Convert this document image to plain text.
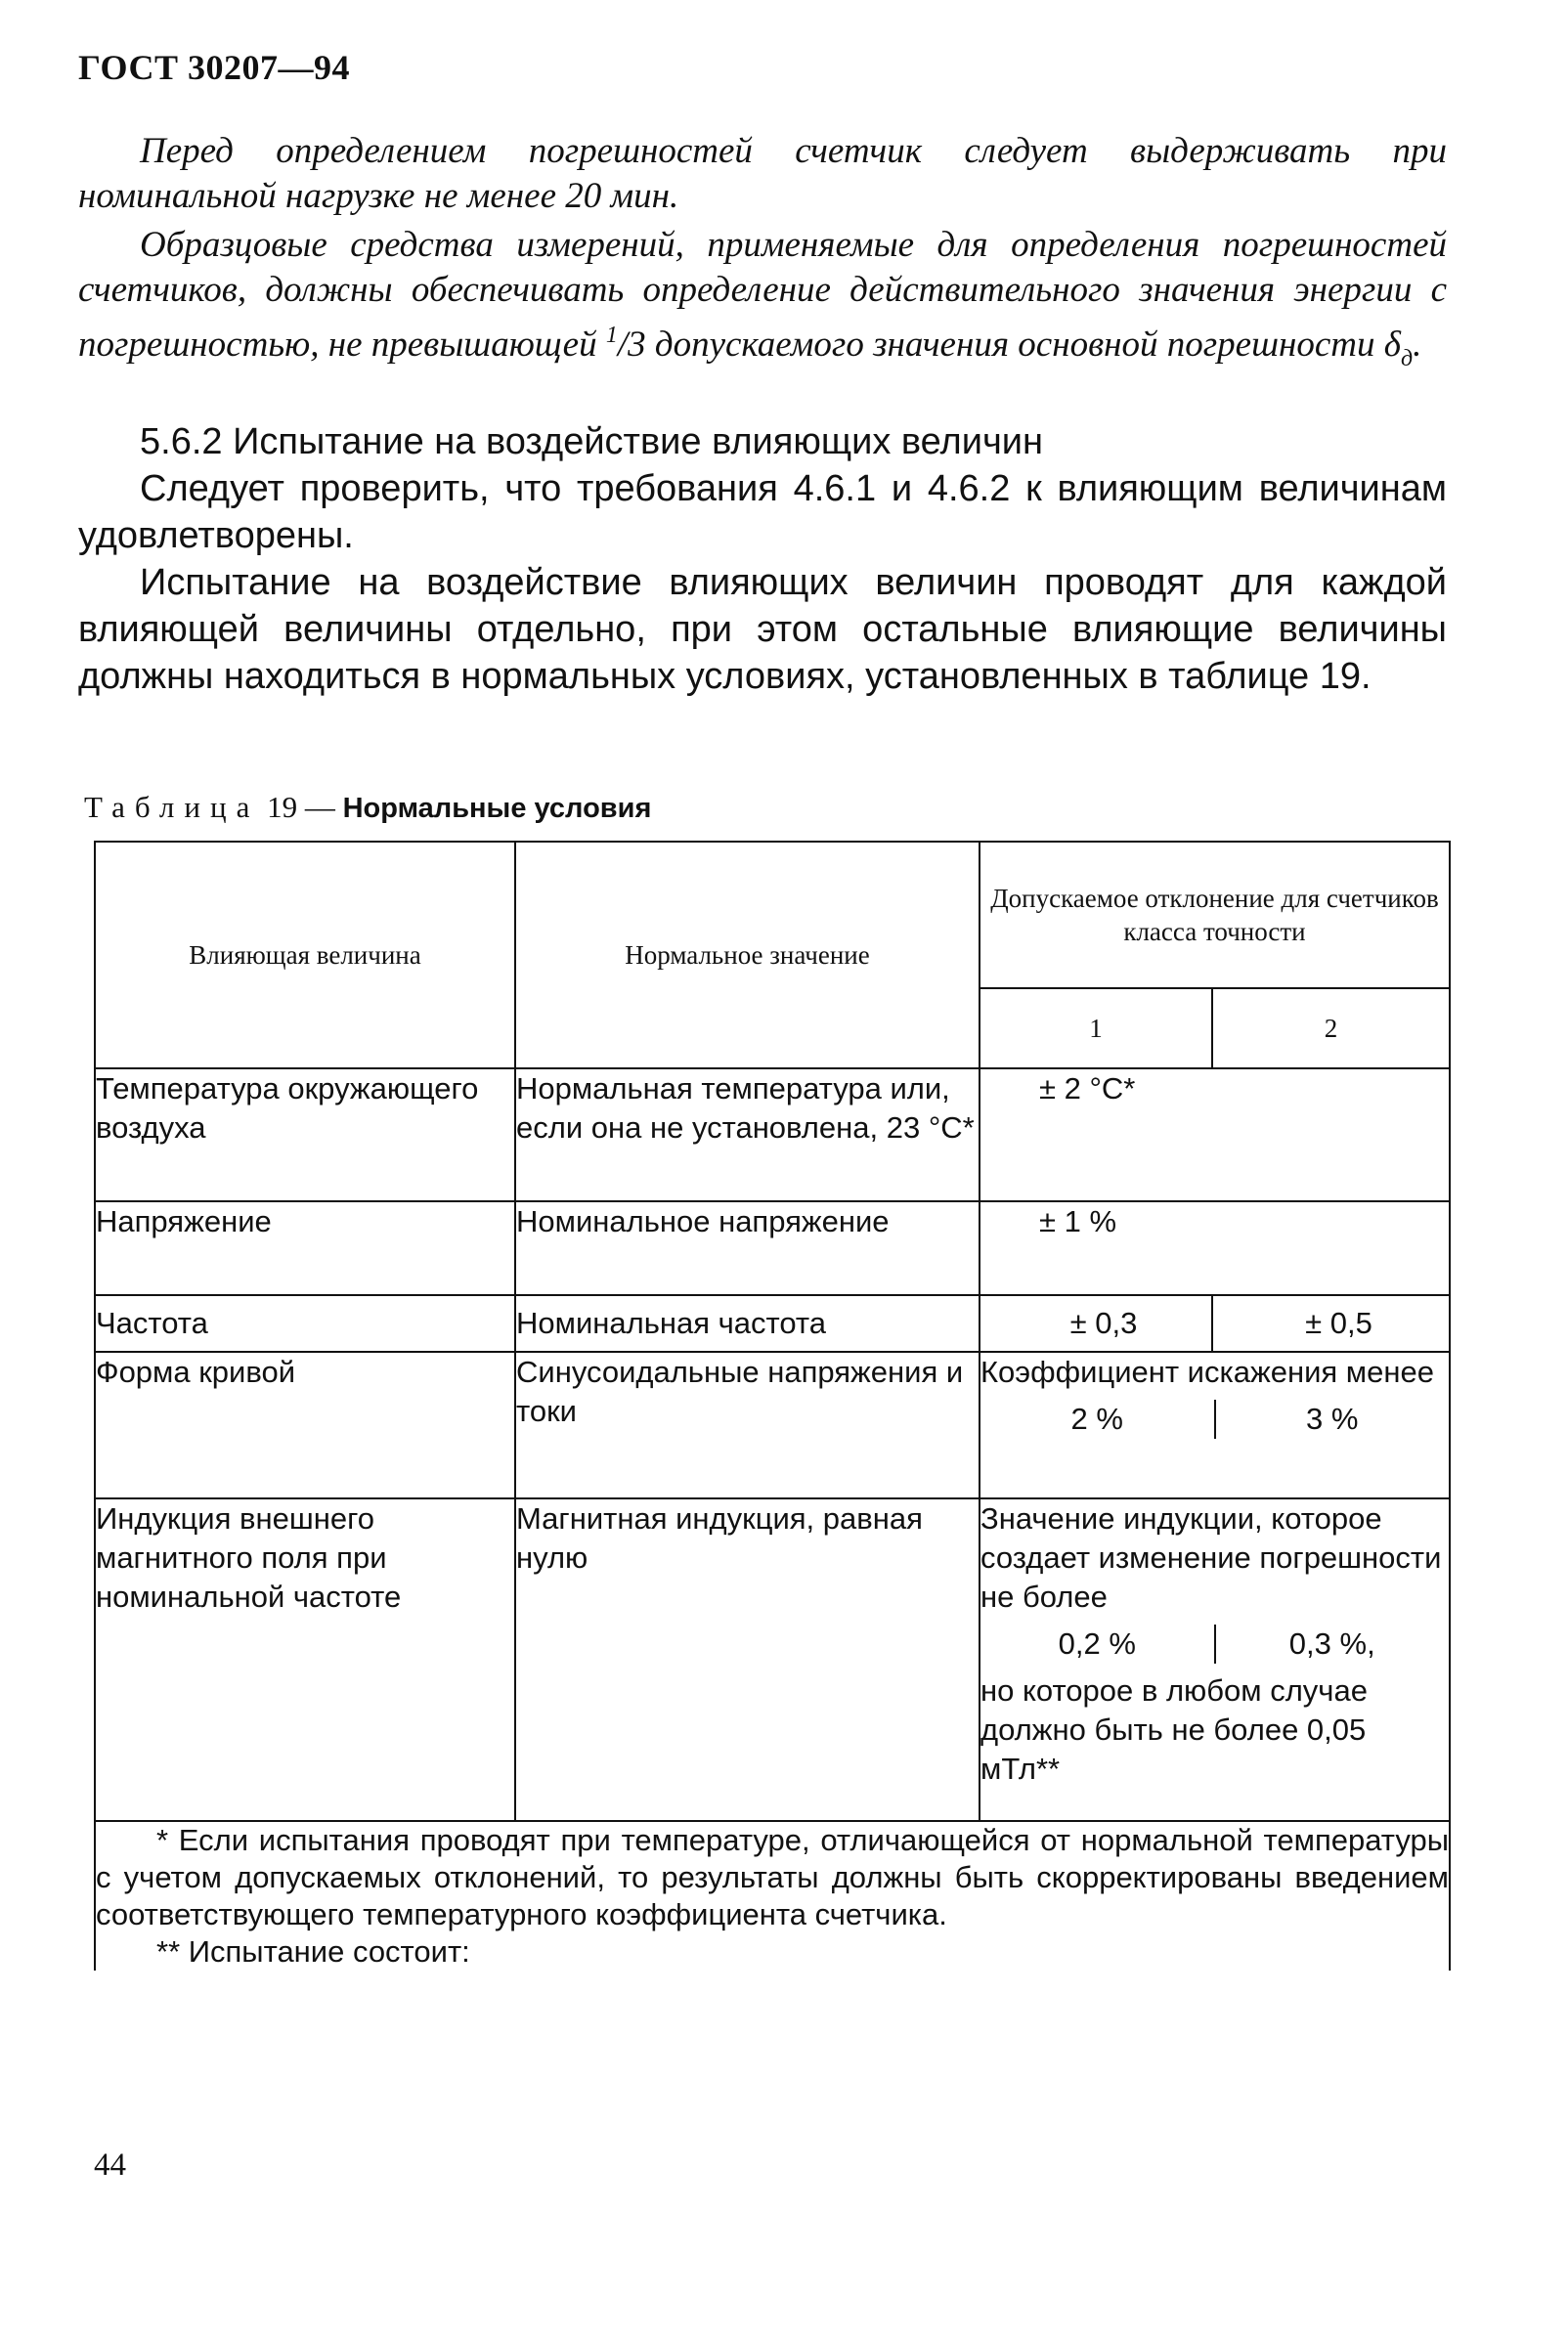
ГОСТ 30207—94
Перед определением погрешностей счетчик следует выдерживать при номинальной нагрузке не менее 20 мин.
Образцовые средства измерений, применяемые для определения погрешностей счетчиков, должны обеспечивать определение действительного значения энергии с погрешностью, не превышающей $^1$/3 допускаемого значения основной погрешности $\delta_д$.
5.6.2 Испытание на воздействие влияющих величин
Следует проверить, что требования 4.6.1 и 4.6.2 к влияющим величинам удовлетворены.
Испытание на воздействие влияющих величин проводят для каждой влияющей величины отдельно, при этом остальные влияющие величины должны находиться в нормальных условиях, установленных в таблице 19.
Таблица 19 — Нормальные условия
Влияющая величина	Нормальное значение	Допускаемое отклонение для счетчиков класса точности	
		1	2
Температура окружающего воздуха	Нормальная температура или, если она не установлена, 23 °С*	± 2 °С*	
Напряжение	Номинальное напряжение	± 1 %	
Частота	Номинальная частота	± 0,3	± 0,5
Форма кривой	Синусоидальные напряжения и токи	Коэффициент искажения менее
2 % 3 %	

Индукция внешнего магнитного поля при номинальной частоте	Магнитная индукция, равная нулю	Значение индукции, которое создает изменение погрешности не более
0,2 % 0,3 %,
но которое в любом случае должно быть не более 0,05 мТл**	

* Если испытания проводят при температуре, отличающейся от нормальной температуры с учетом допускаемых отклонений, то результаты должны быть скорректированы введением соответствующего температурного коэффициента счетчика.

** Испытание состоит:			

44
